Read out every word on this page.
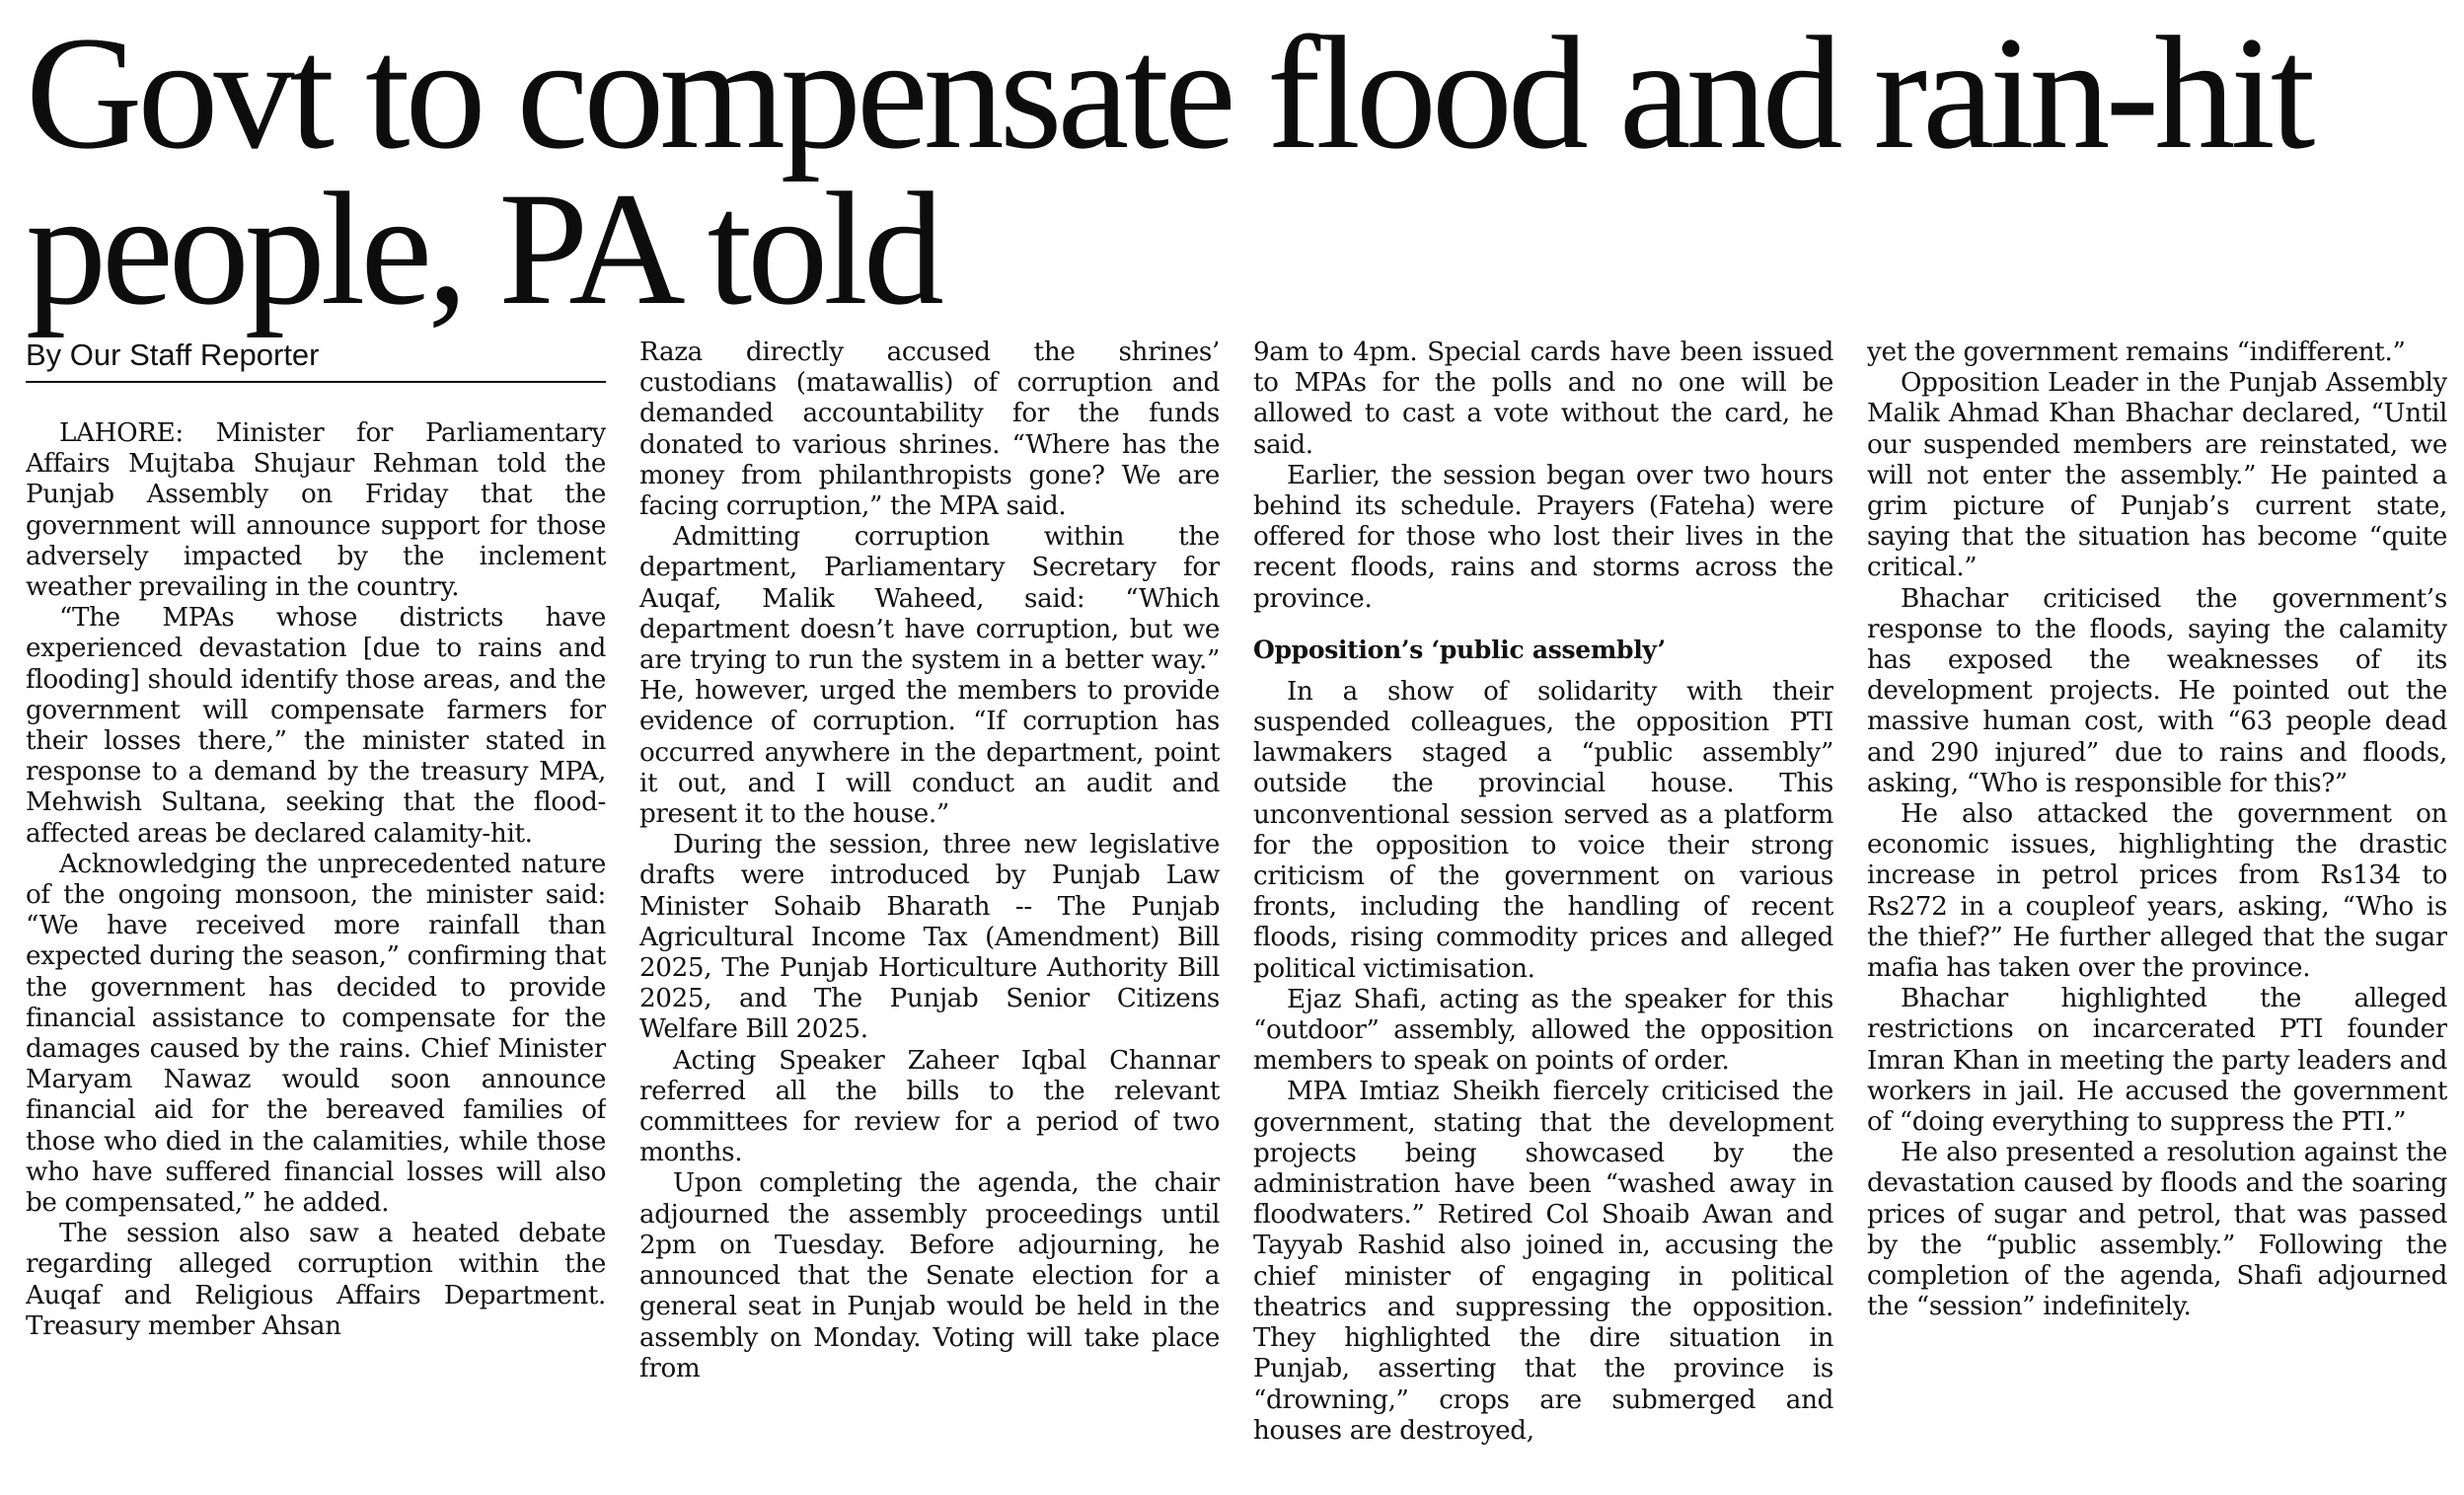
Govt to compensate flood and rain-hit people, PA told
By Our Staff Reporter

LAHORE: Minister for Parliamentary Affairs Mujtaba Shujaur Rehman told the Punjab Assembly on Friday that the government will announce support for those adversely impacted by the inclement weather prevailing in the country.

“The MPAs whose districts have experienced devastation [due to rains and flooding] should identify those areas, and the government will compensate farmers for their losses there,” the minister stated in response to a demand by the treasury MPA, Mehwish Sultana, seeking that the flood-affected areas be declared calamity-hit.

Acknowledging the unprecedented nature of the ongoing monsoon, the minister said: “We have received more rainfall than expected during the season,” confirming that the government has decided to provide financial assistance to compensate for the damages caused by the rains. Chief Minister Maryam Nawaz would soon announce financial aid for the bereaved families of those who died in the calamities, while those who have suffered financial losses will also be compensated,” he added.

The session also saw a heated debate regarding alleged corruption within the Auqaf and Religious Affairs Department. Treasury member Ahsan

Raza directly accused the shrines’ custodians (matawallis) of corruption and demanded accountability for the funds donated to various shrines. “Where has the money from philanthropists gone? We are facing corruption,” the MPA said.

Admitting corruption within the department, Parliamentary Secretary for Auqaf, Malik Waheed, said: “Which department doesn’t have corruption, but we are trying to run the system in a better way.” He, however, urged the members to provide evidence of corruption. “If corruption has occurred anywhere in the department, point it out, and I will conduct an audit and present it to the house.”

During the session, three new legislative drafts were introduced by Punjab Law Minister Sohaib Bharath -- The Punjab Agricultural Income Tax (Amendment) Bill 2025, The Punjab Horticulture Authority Bill 2025, and The Punjab Senior Citizens Welfare Bill 2025.

Acting Speaker Zaheer Iqbal Channar referred all the bills to the relevant committees for review for a period of two months.

Upon completing the agenda, the chair adjourned the assembly proceedings until 2pm on Tuesday. Before adjourning, he announced that the Senate election for a general seat in Punjab would be held in the assembly on Monday. Voting will take place from

9am to 4pm. Special cards have been issued to MPAs for the polls and no one will be allowed to cast a vote without the card, he said.

Earlier, the session began over two hours behind its schedule. Prayers (Fateha) were offered for those who lost their lives in the recent floods, rains and storms across the province.

Opposition’s ‘public assembly’

In a show of solidarity with their suspended colleagues, the opposition PTI lawmakers staged a “public assembly” outside the provincial house. This unconventional session served as a platform for the opposition to voice their strong criticism of the government on various fronts, including the handling of recent floods, rising commodity prices and alleged political victimisation.

Ejaz Shafi, acting as the speaker for this “outdoor” assembly, allowed the opposition members to speak on points of order.

MPA Imtiaz Sheikh fiercely criticised the government, stating that the development projects being showcased by the administration have been “washed away in floodwaters.” Retired Col Shoaib Awan and Tayyab Rashid also joined in, accusing the chief minister of engaging in political theatrics and suppressing the opposition. They highlighted the dire situation in Punjab, asserting that the province is “drowning,” crops are submerged and houses are destroyed,

yet the government remains “indifferent.”

Opposition Leader in the Punjab Assembly Malik Ahmad Khan Bhachar declared, “Until our suspended members are reinstated, we will not enter the assembly.” He painted a grim picture of Punjab’s current state, saying that the situation has become “quite critical.”

Bhachar criticised the government’s response to the floods, saying the calamity has exposed the weaknesses of its development projects. He pointed out the massive human cost, with “63 people dead and 290 injured” due to rains and floods, asking, “Who is responsible for this?”

He also attacked the government on economic issues, highlighting the drastic increase in petrol prices from Rs134 to Rs272 in a coupleof years, asking, “Who is the thief?” He further alleged that the sugar mafia has taken over the province.

Bhachar highlighted the alleged restrictions on incarcerated PTI founder Imran Khan in meeting the party leaders and workers in jail. He accused the government of “doing everything to suppress the PTI.”

He also presented a resolution against the devastation caused by floods and the soaring prices of sugar and petrol, that was passed by the “public assembly.” Following the completion of the agenda, Shafi adjourned the “session” indefinitely.
